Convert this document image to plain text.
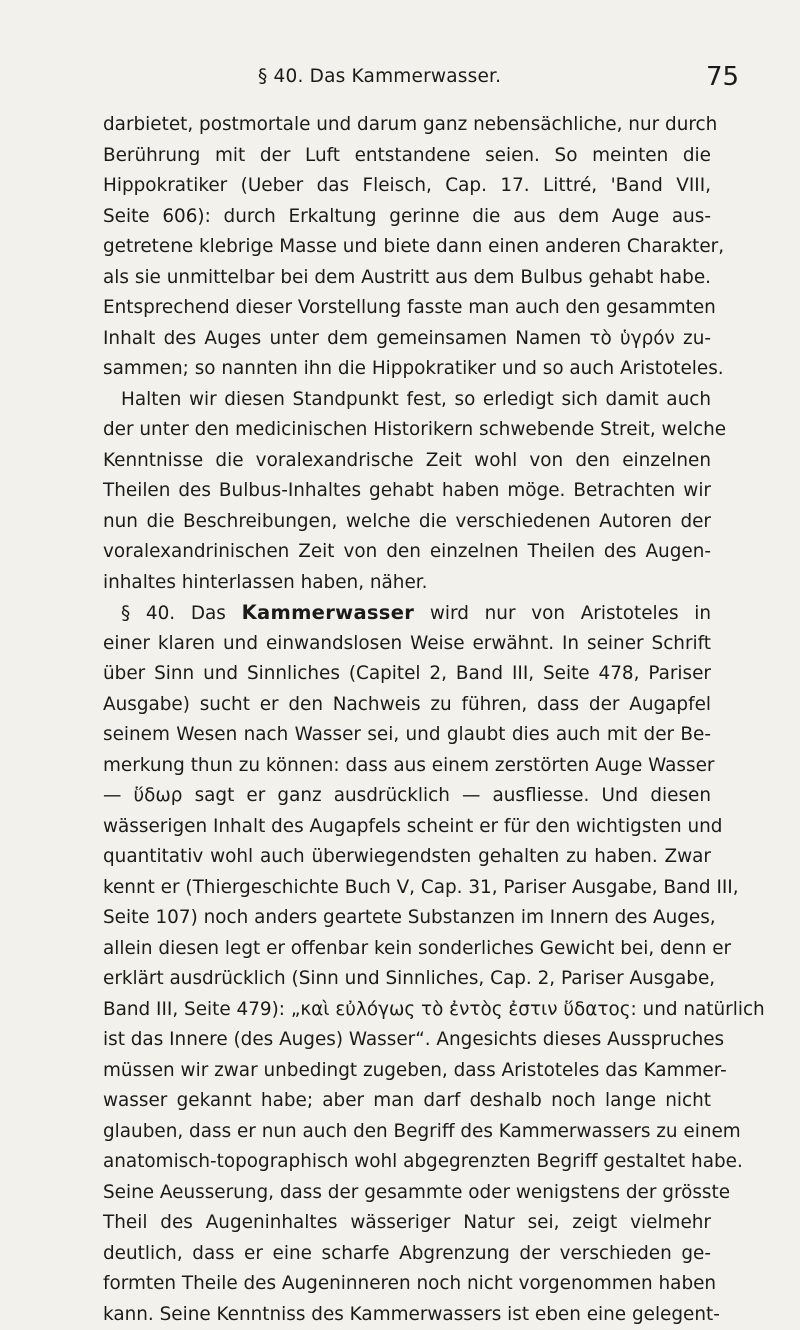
§ 40. Das Kammerwasser.	75
darbietet, postmortale und darum ganz nebensächliche, nur durch
Berührung mit der Luft entstandene seien. So meinten die
Hippokratiker (Ueber das Fleisch, Cap. 17. Littré, 'Band VIII,
Seite 606): durch Erkaltung gerinne die aus dem Auge aus-
getretene klebrige Masse und biete dann einen anderen Charakter,
als sie unmittelbar bei dem Austritt aus dem Bulbus gehabt habe.
Entsprechend dieser Vorstellung fasste man auch den gesammten
Inhalt des Auges unter dem gemeinsamen Namen τὸ ὑγρόν zu-
sammen; so nannten ihn die Hippokratiker und so auch Aristoteles.
Halten wir diesen Standpunkt fest, so erledigt sich damit auch
der unter den medicinischen Historikern schwebende Streit, welche
Kenntnisse die voralexandrische Zeit wohl von den einzelnen
Theilen des Bulbus-Inhaltes gehabt haben möge. Betrachten wir
nun die Beschreibungen, welche die verschiedenen Autoren der
voralexandrinischen Zeit von den einzelnen Theilen des Augen-
inhaltes hinterlassen haben, näher.
§ 40. Das Kammerwasser wird nur von Aristoteles in
einer klaren und einwandslosen Weise erwähnt. In seiner Schrift
über Sinn und Sinnliches (Capitel 2, Band III, Seite 478, Pariser
Ausgabe) sucht er den Nachweis zu führen, dass der Augapfel
seinem Wesen nach Wasser sei, und glaubt dies auch mit der Be-
merkung thun zu können: dass aus einem zerstörten Auge Wasser
— ὕδωρ sagt er ganz ausdrücklich — ausfliesse. Und diesen
wässerigen Inhalt des Augapfels scheint er für den wichtigsten und
quantitativ wohl auch überwiegendsten gehalten zu haben. Zwar
kennt er (Thiergeschichte Buch V, Cap. 31, Pariser Ausgabe, Band III,
Seite 107) noch anders geartete Substanzen im Innern des Auges,
allein diesen legt er offenbar kein sonderliches Gewicht bei, denn er
erklärt ausdrücklich (Sinn und Sinnliches, Cap. 2, Pariser Ausgabe,
Band III, Seite 479): „καὶ εὐλόγως τὸ ἐντὸς ἐστιν ὕδατος: und natürlich
ist das Innere (des Auges) Wasser“. Angesichts dieses Ausspruches
müssen wir zwar unbedingt zugeben, dass Aristoteles das Kammer-
wasser gekannt habe; aber man darf deshalb noch lange nicht
glauben, dass er nun auch den Begriff des Kammerwassers zu einem
anatomisch-topographisch wohl abgegrenzten Begriff gestaltet habe.
Seine Aeusserung, dass der gesammte oder wenigstens der grösste
Theil des Augeninhaltes wässeriger Natur sei, zeigt vielmehr
deutlich, dass er eine scharfe Abgrenzung der verschieden ge-
formten Theile des Augeninneren noch nicht vorgenommen haben
kann. Seine Kenntniss des Kammerwassers ist eben eine gelegent-
